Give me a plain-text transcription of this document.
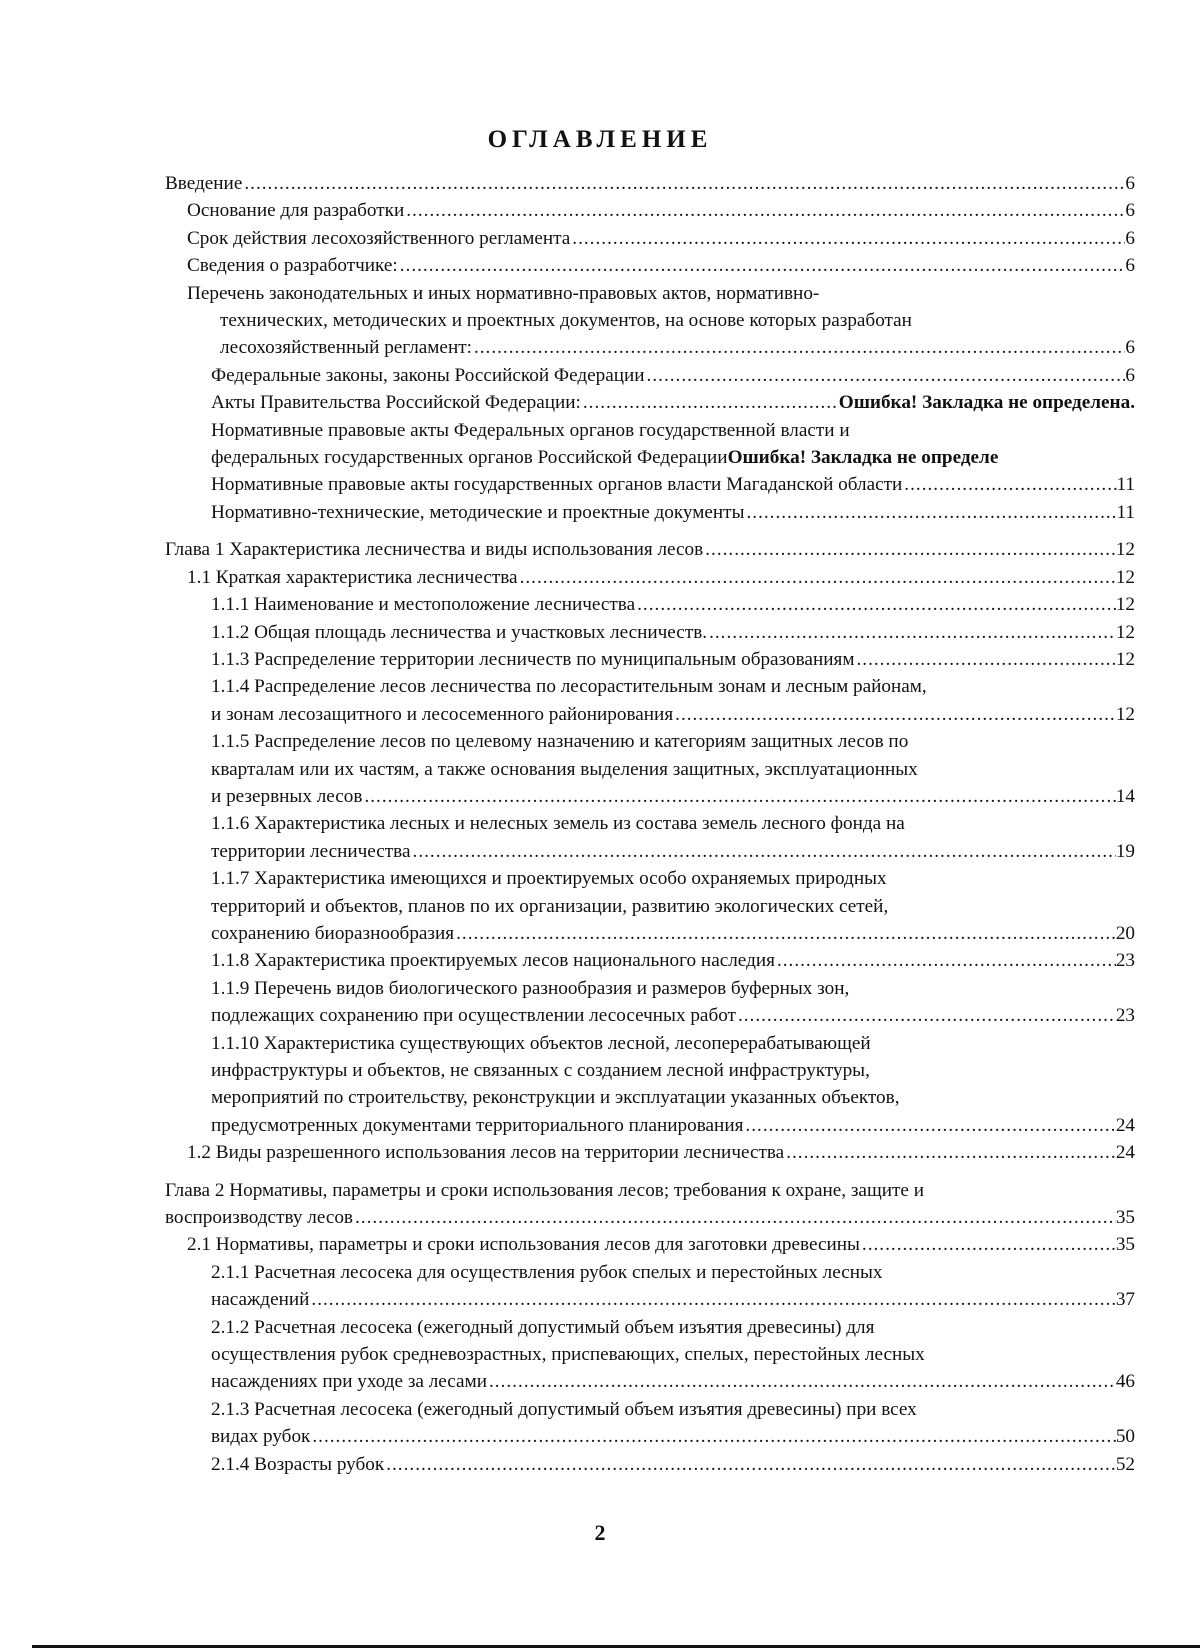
ОГЛАВЛЕНИЕ
Введение .....	6
Основание для разработки .....	6
Срок действия лесохозяйственного регламента .....	6
Сведения о разработчике: .....	6
Перечень законодательных и иных нормативно-правовых актов, нормативно-
технических, методических и проектных документов, на основе которых разработан
лесохозяйственный регламент: .....	6
Федеральные законы, законы Российской Федерации .....	6
Акты Правительства Российской Федерации: .....	Ошибка! Закладка не определена.
Нормативные правовые акты Федеральных органов государственной власти и
федеральных государственных органов Российской ФедерацииОшибка! Закладка не определе
Нормативные правовые акты государственных органов власти Магаданской области .....	11
Нормативно-технические, методические и проектные документы .....	11
Глава 1 Характеристика лесничества и виды использования лесов .....	12
1.1 Краткая характеристика лесничества .....	12
1.1.1 Наименование и местоположение лесничества .....	12
1.1.2 Общая площадь лесничества и участковых лесничеств. .....	12
1.1.3 Распределение территории лесничеств по муниципальным образованиям .....	12
1.1.4 Распределение лесов лесничества по лесорастительным зонам и лесным районам,
и зонам лесозащитного и лесосеменного районирования .....	12
1.1.5 Распределение лесов по целевому назначению и категориям защитных лесов по
кварталам или их частям, а также основания выделения защитных, эксплуатационных
и резервных лесов .....	14
1.1.6 Характеристика лесных и нелесных земель из состава земель лесного фонда на
территории лесничества .....	19
1.1.7 Характеристика имеющихся и проектируемых особо охраняемых природных
территорий и объектов, планов по их организации, развитию экологических сетей,
сохранению биоразнообразия .....	20
1.1.8 Характеристика проектируемых лесов национального наследия .....	23
1.1.9 Перечень видов биологического разнообразия и размеров буферных зон,
подлежащих сохранению при осуществлении лесосечных работ .....	23
1.1.10 Характеристика существующих объектов лесной, лесоперерабатывающей
инфраструктуры и объектов, не связанных с созданием лесной инфраструктуры,
мероприятий по строительству, реконструкции и эксплуатации указанных объектов,
предусмотренных документами территориального планирования .....	24
1.2 Виды разрешенного использования лесов на территории лесничества .....	24
Глава 2 Нормативы, параметры и сроки использования лесов; требования к охране, защите и
воспроизводству лесов .....	35
2.1 Нормативы, параметры и сроки использования лесов для заготовки древесины .....	35
2.1.1 Расчетная лесосека для осуществления рубок спелых и перестойных лесных
насаждений .....	37
2.1.2 Расчетная лесосека (ежегодный допустимый объем изъятия древесины) для
осуществления рубок средневозрастных, приспевающих, спелых, перестойных лесных
насаждениях при уходе за лесами .....	46
2.1.3 Расчетная лесосека (ежегодный допустимый объем изъятия древесины) при всех
видах рубок .....	50
2.1.4 Возрасты рубок .....	52
2
